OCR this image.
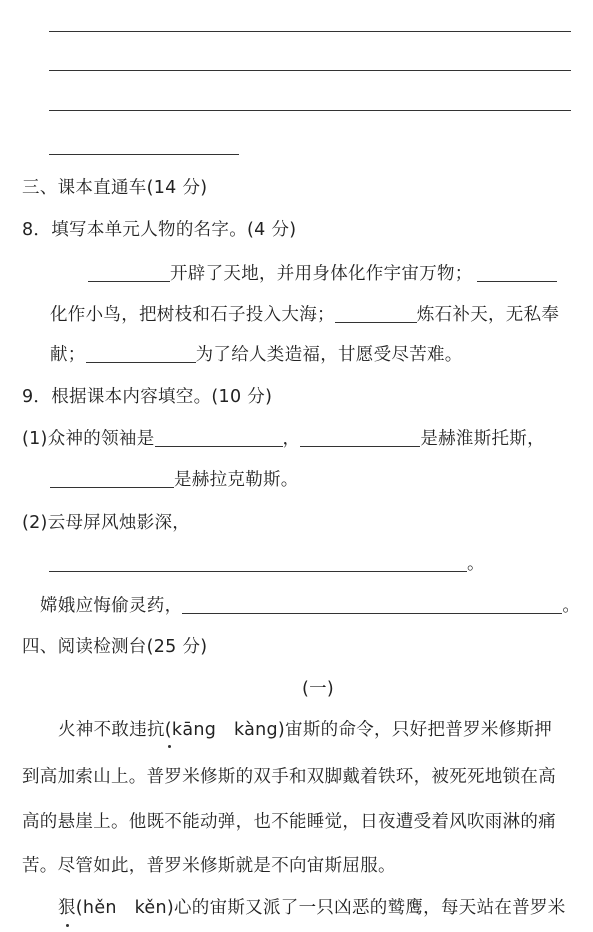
三、课本直通车(14 分)
8．填写本单元人物的名字。(4 分)
开辟了天地，并用身体化作宇宙万物；
化作小鸟，把树枝和石子投入大海；	炼石补天，无私奉
献；	为了给人类造福，甘愿受尽苦难。
9．根据课本内容填空。(10 分)
(1)众神的领袖是	，	是赫淮斯托斯，
是赫拉克勒斯。
(2)云母屏风烛影深，
。
嫦娥应悔偷灵药，	。
四、阅读检测台(25 分)
(一)
火神不敢违抗(kāng　kàng)宙斯的命令，只好把普罗米修斯押
到高加索山上。普罗米修斯的双手和双脚戴着铁环，被死死地锁在高
高的悬崖上。他既不能动弹，也不能睡觉，日夜遭受着风吹雨淋的痛
苦。尽管如此，普罗米修斯就是不向宙斯屈服。
狠(hěn　kěn)心的宙斯又派了一只凶恶的鹫鹰，每天站在普罗米
